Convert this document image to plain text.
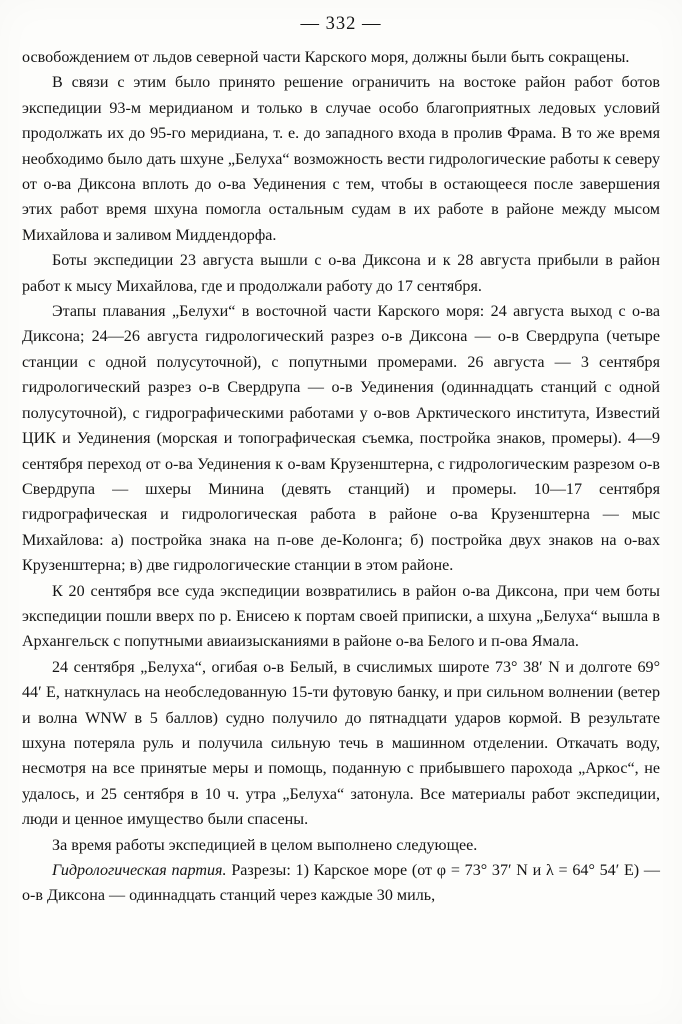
— 332 —

освобождением от льдов северной части Карского моря, должны были быть сокращены.

В связи с этим было принято решение ограничить на востоке район работ ботов экспедиции 93-м меридианом и только в случае особо благоприятных ледовых условий продолжать их до 95-го меридиана, т. е. до западного входа в пролив Фрама. В то же время необходимо было дать шхуне „Белуха“ возможность вести гидрологические работы к северу от о-ва Диксона вплоть до о-ва Уединения с тем, чтобы в остающееся после завершения этих работ время шхуна помогла остальным судам в их работе в районе между мысом Михайлова и заливом Миддендорфа.

Боты экспедиции 23 августа вышли с о-ва Диксона и к 28 августа прибыли в район работ к мысу Михайлова, где и продолжали работу до 17 сентября.

Этапы плавания „Белухи“ в восточной части Карского моря: 24 августа выход с о-ва Диксона; 24—26 августа гидрологический разрез о-в Диксона — о-в Свердрупа (четыре станции с одной полусуточной), с попутными промерами. 26 августа — 3 сентября гидрологический разрез о-в Свердрупа — о-в Уединения (одиннадцать станций с одной полусуточной), с гидрографическими работами у о-вов Арктического института, Известий ЦИК и Уединения (морская и топографическая съемка, постройка знаков, промеры). 4—9 сентября переход от о-ва Уединения к о-вам Крузенштерна, с гидрологическим разрезом о-в Свердрупа — шхеры Минина (девять станций) и промеры. 10—17 сентября гидрографическая и гидрологическая работа в районе о-ва Крузенштерна — мыс Михайлова: а) постройка знака на п-ове де-Колонга; б) постройка двух знаков на о-вах Крузенштерна; в) две гидрологические станции в этом районе.

К 20 сентября все суда экспедиции возвратились в район о-ва Диксона, при чем боты экспедиции пошли вверх по р. Енисею к портам своей приписки, а шхуна „Белуха“ вышла в Архангельск с попутными авиаизысканиями в районе о-ва Белого и п-ова Ямала.

24 сентября „Белуха“, огибая о-в Белый, в счислимых широте 73° 38′ N и долготе 69° 44′ E, наткнулась на необследованную 15-ти футовую банку, и при сильном волнении (ветер и волна WNW в 5 баллов) судно получило до пятнадцати ударов кормой. В результате шхуна потеряла руль и получила сильную течь в машинном отделении. Откачать воду, несмотря на все принятые меры и помощь, поданную с прибывшего парохода „Аркос“, не удалось, и 25 сентября в 10 ч. утра „Белуха“ затонула. Все материалы работ экспедиции, люди и ценное имущество были спасены.

За время работы экспедицией в целом выполнено следующее.

Гидрологическая партия. Разрезы: 1) Карское море (от φ = 73° 37′ N и λ = 64° 54′ E) — о-в Диксона — одиннадцать станций через каждые 30 миль,
